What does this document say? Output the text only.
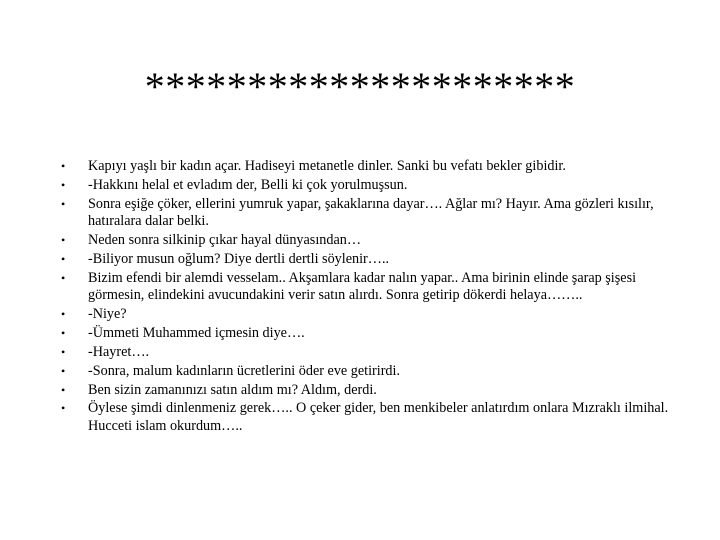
*********************
• Kapıyı yaşlı bir kadın açar. Hadiseyi metanetle dinler. Sanki bu vefatı bekler gibidir.
• -Hakkını helal et evladım der, Belli ki çok yorulmuşsun.
• Sonra eşiğe çöker, ellerini yumruk yapar, şakaklarına dayar…. Ağlar mı? Hayır. Ama gözleri kısılır, hatıralara dalar belki.
• Neden sonra silkinip çıkar hayal dünyasından…
• -Biliyor musun oğlum? Diye dertli dertli söylenir…..
• Bizim efendi bir alemdi vesselam.. Akşamlara kadar nalın yapar.. Ama birinin elinde şarap şişesi görmesin, elindekini avucundakini verir satın alırdı. Sonra getirip dökerdi helaya……..
• -Niye?
• -Ümmeti Muhammed içmesin diye….
• -Hayret….
• -Sonra, malum kadınların ücretlerini öder eve getirirdi.
• Ben sizin zamanınızı satın aldım mı? Aldım, derdi.
• Öylese şimdi dinlenmeniz gerek….. O çeker gider, ben menkibeler anlatırdım onlara Mızraklı ilmihal. Hucceti islam okurdum…..
